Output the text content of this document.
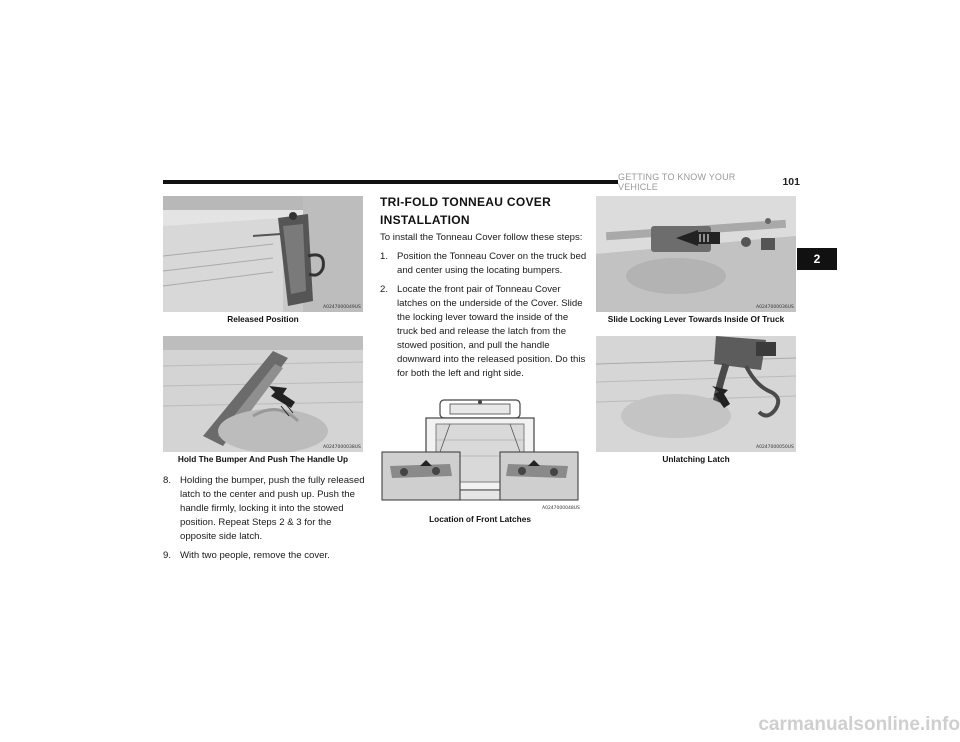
GETTING TO KNOW YOUR VEHICLE	101
2
A0247000049US
Released Position
A0247000038US
Hold The Bumper And Push The Handle Up
8. Holding the bumper, push the fully released latch to the center and push up. Push the handle firmly, locking it into the stowed position. Repeat Steps 2 & 3 for the opposite side latch.
9. With two people, remove the cover.
TRI-FOLD TONNEAU COVER
INSTALLATION
To install the Tonneau Cover follow these steps:
1. Position the Tonneau Cover on the truck bed and center using the locating bumpers.
2. Locate the front pair of Tonneau Cover latches on the underside of the Cover. Slide the locking lever toward the inside of the truck bed and release the latch from the stowed position, and pull the handle downward into the released position. Do this for both the left and right side.
A0247000048US
Location of Front Latches
A0247000036US
Slide Locking Lever Towards Inside Of Truck
A0247000050US
Unlatching Latch
carmanualsonline.info
